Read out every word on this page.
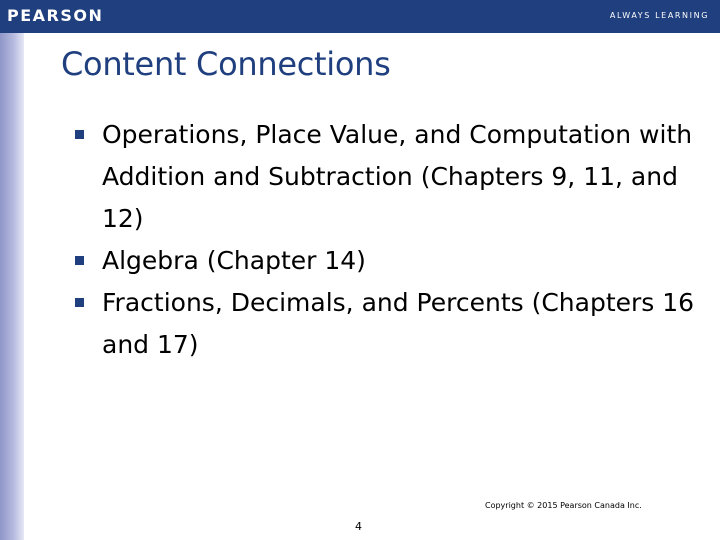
PEARSON	ALWAYS LEARNING
Content Connections
Operations, Place Value, and Computation with Addition and Subtraction (Chapters 9, 11, and 12)
Algebra (Chapter 14)
Fractions, Decimals, and Percents (Chapters 16 and 17)
Copyright © 2015 Pearson Canada Inc.
4
